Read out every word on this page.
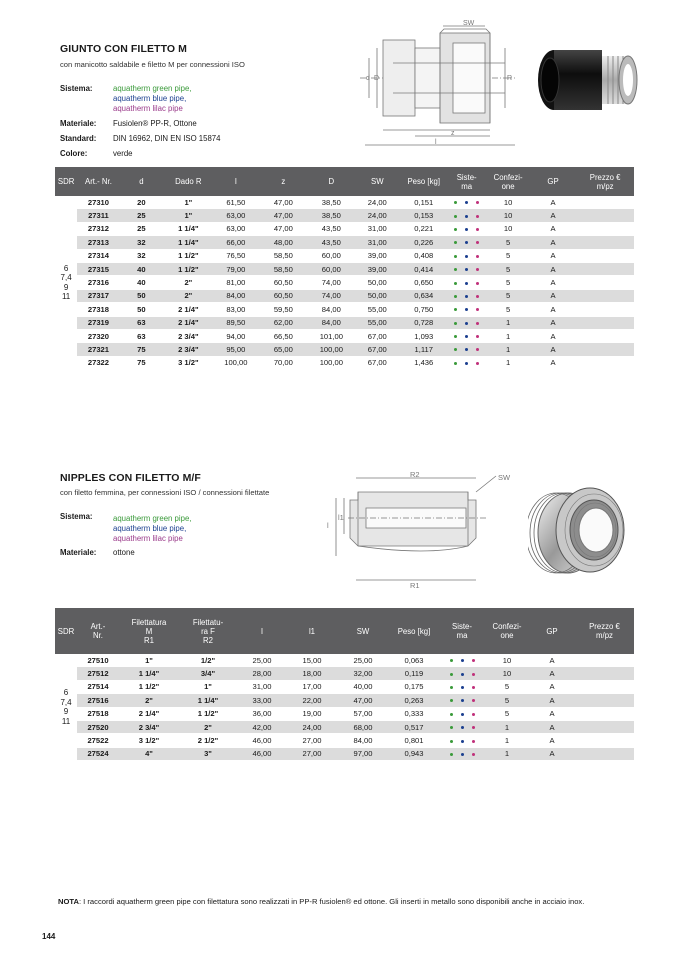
GIUNTO CON FILETTO M
con manicotto saldabile e filetto M per connessioni ISO
Sistema:	aquatherm green pipe,
aquatherm blue pipe,
aquatherm lilac pipe
Materiale: Fusiolen® PP-R, Ottone
Standard: DIN 16962, DIN EN ISO 15874
Colore:	verde
SW
d D	R
z
l
SDR	Art.- Nr.	d	Dado R	l	z	D	SW	Peso [kg]	Siste-
ma	Confezi-
one	GP	Prezzo €
m/pz
6
7,4
9
11	27310	20	1"	61,50	47,00	38,50	24,00	0,151		10	A	
	27311	25	1"	63,00	47,00	38,50	24,00	0,153		10	A	
	27312	25	1 1/4"	63,00	47,00	43,50	31,00	0,221		10	A	
	27313	32	1 1/4"	66,00	48,00	43,50	31,00	0,226		5	A	
	27314	32	1 1/2"	76,50	58,50	60,00	39,00	0,408		5	A	
	27315	40	1 1/2"	79,00	58,50	60,00	39,00	0,414		5	A	
	27316	40	2"	81,00	60,50	74,00	50,00	0,650		5	A	
	27317	50	2"	84,00	60,50	74,00	50,00	0,634		5	A	
	27318	50	2 1/4"	83,00	59,50	84,00	55,00	0,750		5	A	
	27319	63	2 1/4"	89,50	62,00	84,00	55,00	0,728		1	A	
	27320	63	2 3/4"	94,00	66,50	101,00	67,00	1,093		1	A	
	27321	75	2 3/4"	95,00	65,00	100,00	67,00	1,117		1	A	
	27322	75	3 1/2"	100,00	70,00	100,00	67,00	1,436		1	A	
NIPPLES CON FILETTO M/F
con filetto femmina, per connessioni ISO / connessioni filettate
Sistema:	aquatherm green pipe,
aquatherm blue pipe,
aquatherm lilac pipe
Materiale: ottone
R2	SW
l1
l
R1
SDR	Art.-
Nr.	Filettatura
M
R1	Filettatu-
ra F
R2	l	l1	SW	Peso [kg]	Siste-
ma	Confezi-
one	GP	Prezzo €
m/pz
6
7,4
9
11	27510	1"	1/2"	25,00	15,00	25,00	0,063		10	A	
	27512	1 1/4"	3/4"	28,00	18,00	32,00	0,119		10	A	
	27514	1 1/2"	1"	31,00	17,00	40,00	0,175		5	A	
	27516	2"	1 1/4"	33,00	22,00	47,00	0,263		5	A	
	27518	2 1/4"	1 1/2"	36,00	19,00	57,00	0,333		5	A	
	27520	2 3/4"	2"	42,00	24,00	68,00	0,517		1	A	
	27522	3 1/2"	2 1/2"	46,00	27,00	84,00	0,801		1	A	
	27524	4"	3"	46,00	27,00	97,00	0,943		1	A	
NOTA: I raccordi aquatherm green pipe con filettatura sono realizzati in PP-R fusiolen® ed ottone. Gli inserti in metallo sono disponibili anche in acciaio inox.
144
